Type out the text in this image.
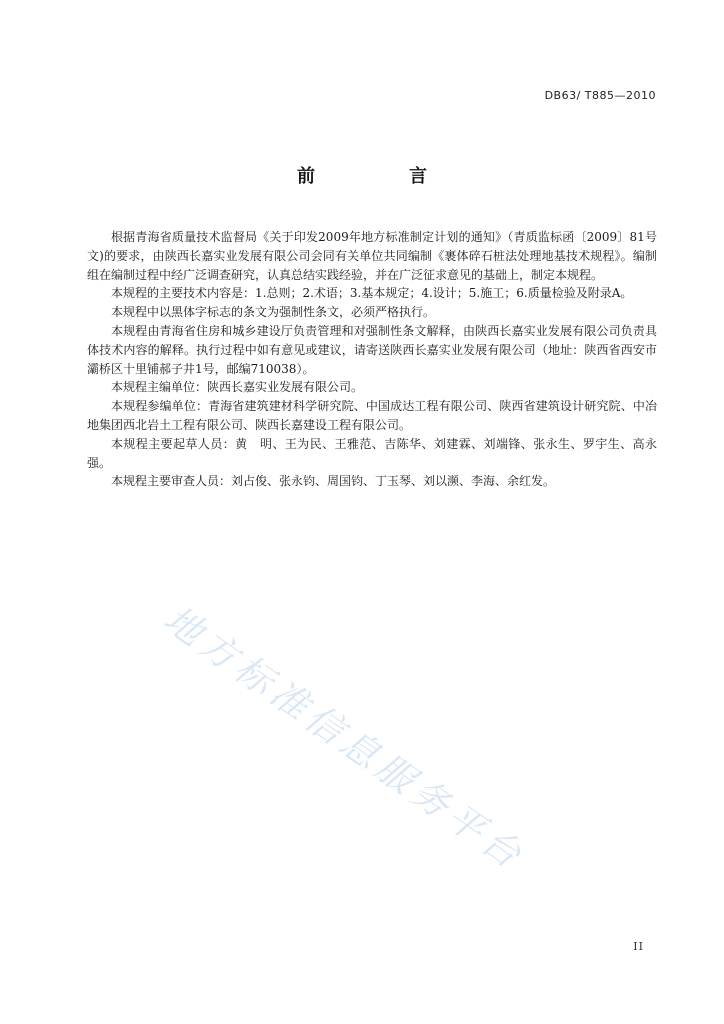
DB63/ T885—2010
前　言

根据青海省质量技术监督局《关于印发2009年地方标准制定计划的通知》（青质监标函〔2009〕81号文)的要求，由陕西长嘉实业发展有限公司会同有关单位共同编制《裹体碎石桩法处理地基技术规程》。编制组在编制过程中经广泛调查研究，认真总结实践经验，并在广泛征求意见的基础上，制定本规程。

本规程的主要技术内容是：1.总则；2.术语；3.基本规定；4.设计；5.施工；6.质量检验及附录A。

本规程中以黑体字标志的条文为强制性条文，必须严格执行。

本规程由青海省住房和城乡建设厅负责管理和对强制性条文解释，由陕西长嘉实业发展有限公司负责具体技术内容的解释。执行过程中如有意见或建议，请寄送陕西长嘉实业发展有限公司（地址：陕西省西安市灞桥区十里铺郝子井1号，邮编710038）。

本规程主编单位：陕西长嘉实业发展有限公司。

本规程参编单位：青海省建筑建材科学研究院、中国成达工程有限公司、陕西省建筑设计研究院、中冶地集团西北岩土工程有限公司、陕西长嘉建设工程有限公司。

本规程主要起草人员：黄　明、王为民、王雅范、吉陈华、刘建霖、刘端锋、张永生、罗宇生、高永强。

本规程主要审查人员：刘占俊、张永钧、周国钧、丁玉琴、刘以濒、李海、余红发。

地方标准信息服务平台
II
